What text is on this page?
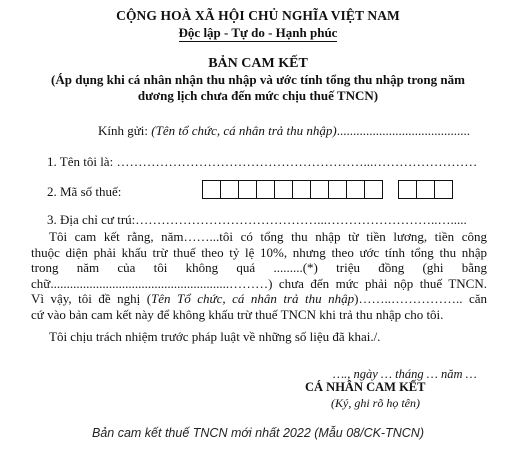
CỘNG HOÀ XÃ HỘI CHỦ NGHĨA VIỆT NAM
Độc lập - Tự do - Hạnh phúc
BẢN CAM KẾT
(Áp dụng khi cá nhân nhận thu nhập và ước tính tổng thu nhập trong năm
dương lịch chưa đến mức chịu thuế TNCN)
Kính gửi: (Tên tổ chức, cá nhân trả thu nhập).........................................
1. Tên tôi là: …………………………………………………...……………………
2. Mã số thuế:
3. Địa chỉ cư trú:……………………………………...……………………..….....
Tôi cam kết rằng, năm……...tôi có tổng thu nhập từ tiền lương, tiền công
thuộc diện phải khấu trừ thuế theo tỷ lệ 10%, nhưng theo ước tính tổng thu nhập
trong năm của tôi không quá .........(*) triệu đồng (ghi bằng
chữ.......................................................………) chưa đến mức phải nộp thuế TNCN.
Vì vậy, tôi đề nghị (Tên Tổ chức, cá nhân trả thu nhập)……..…………….. căn
cứ vào bản cam kết này để không khấu trừ thuế TNCN khi trả thu nhập cho tôi.
Tôi chịu trách nhiệm trước pháp luật về những số liệu đã khai./.
…., ngày … tháng … năm …
CÁ NHÂN CAM KẾT
(Ký, ghi rõ họ tên)
Bản cam kết thuế TNCN mới nhất 2022 (Mẫu 08/CK-TNCN)
